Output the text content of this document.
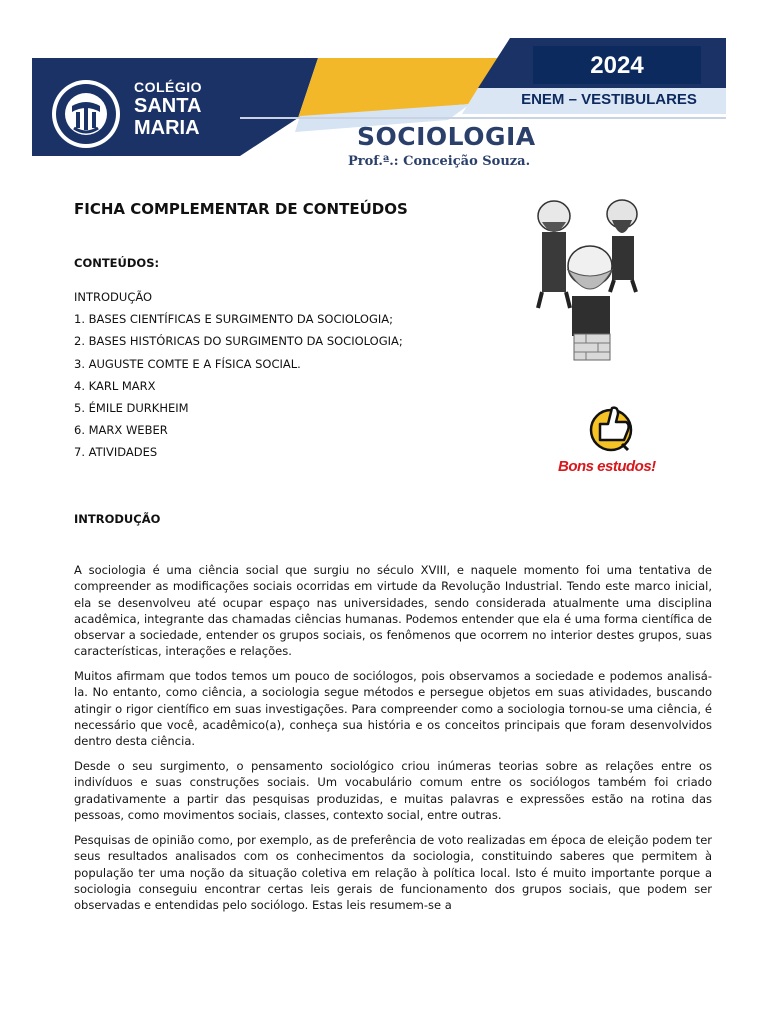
COLÉGIO
SANTA
MARIA
2024
ENEM – VESTIBULARES
SOCIOLOGIA
Prof.ª.: Conceição Souza.
FICHA COMPLEMENTAR DE CONTEÚDOS
CONTEÚDOS:
INTRODUÇÃO
1. BASES CIENTÍFICAS E SURGIMENTO DA SOCIOLOGIA;
2. BASES HISTÓRICAS DO SURGIMENTO DA SOCIOLOGIA;
3. AUGUSTE COMTE E A FÍSICA SOCIAL.
4. KARL MARX
5. ÉMILE DURKHEIM
6. MARX WEBER
7. ATIVIDADES
Bons estudos!
INTRODUÇÃO

A sociologia é uma ciência social que surgiu no século XVIII, e naquele momento foi uma tentativa de compreender as modificações sociais ocorridas em virtude da Revolução Industrial. Tendo este marco inicial, ela se desenvolveu até ocupar espaço nas universidades, sendo considerada atualmente uma disciplina acadêmica, integrante das chamadas ciências humanas. Podemos entender que ela é uma forma científica de observar a sociedade, entender os grupos sociais, os fenômenos que ocorrem no interior destes grupos, suas características, interações e relações.

Muitos afirmam que todos temos um pouco de sociólogos, pois observamos a sociedade e podemos analisá-la. No entanto, como ciência, a sociologia segue métodos e persegue objetos em suas atividades, buscando atingir o rigor científico em suas investigações. Para compreender como a sociologia tornou-se uma ciência, é necessário que você, acadêmico(a), conheça sua história e os conceitos principais que foram desenvolvidos dentro desta ciência.

Desde o seu surgimento, o pensamento sociológico criou inúmeras teorias sobre as relações entre os indivíduos e suas construções sociais. Um vocabulário comum entre os sociólogos também foi criado gradativamente a partir das pesquisas produzidas, e muitas palavras e expressões estão na rotina das pessoas, como movimentos sociais, classes, contexto social, entre outras.

Pesquisas de opinião como, por exemplo, as de preferência de voto realizadas em época de eleição podem ter seus resultados analisados com os conhecimentos da sociologia, constituindo saberes que permitem à população ter uma noção da situação coletiva em relação à política local. Isto é muito importante porque a sociologia conseguiu encontrar certas leis gerais de funcionamento dos grupos sociais, que podem ser observadas e entendidas pelo sociólogo. Estas leis resumem-se a
